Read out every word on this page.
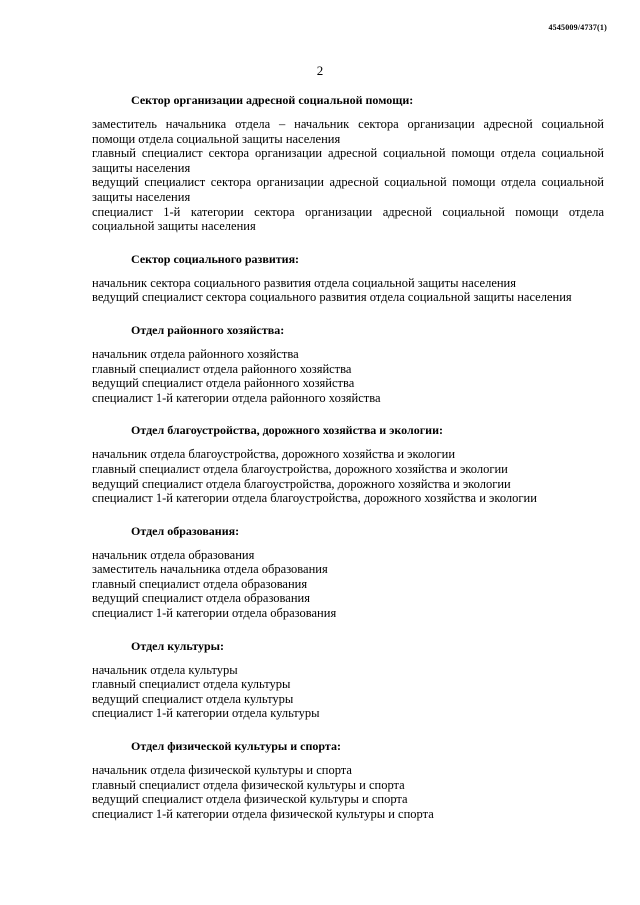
4545009/4737(1)
2
Сектор организации адресной социальной помощи:
заместитель начальника отдела – начальник сектора организации адресной социальной помощи отдела социальной защиты населения
главный специалист сектора организации адресной социальной помощи отдела социальной защиты населения
ведущий специалист сектора организации адресной социальной помощи отдела социальной защиты населения
специалист 1-й категории сектора организации адресной социальной помощи отдела социальной защиты населения
Сектор социального развития:
начальник сектора социального развития отдела социальной защиты населения
ведущий специалист сектора социального развития отдела социальной защиты населения
Отдел районного хозяйства:
начальник отдела районного хозяйства
главный специалист отдела районного хозяйства
ведущий специалист отдела районного хозяйства
специалист 1-й категории отдела районного хозяйства
Отдел благоустройства, дорожного хозяйства и экологии:
начальник отдела благоустройства, дорожного хозяйства и экологии
главный специалист отдела благоустройства, дорожного хозяйства и экологии
ведущий специалист отдела благоустройства, дорожного хозяйства и экологии
специалист 1-й категории отдела благоустройства, дорожного хозяйства и экологии
Отдел образования:
начальник отдела образования
заместитель начальника отдела образования
главный специалист отдела образования
ведущий специалист отдела образования
специалист 1-й категории отдела образования
Отдел культуры:
начальник отдела культуры
главный специалист отдела культуры
ведущий специалист отдела культуры
специалист 1-й категории отдела культуры
Отдел физической культуры и спорта:
начальник отдела физической культуры и спорта
главный специалист отдела физической культуры и спорта
ведущий специалист отдела физической культуры и спорта
специалист 1-й категории отдела физической культуры и спорта
